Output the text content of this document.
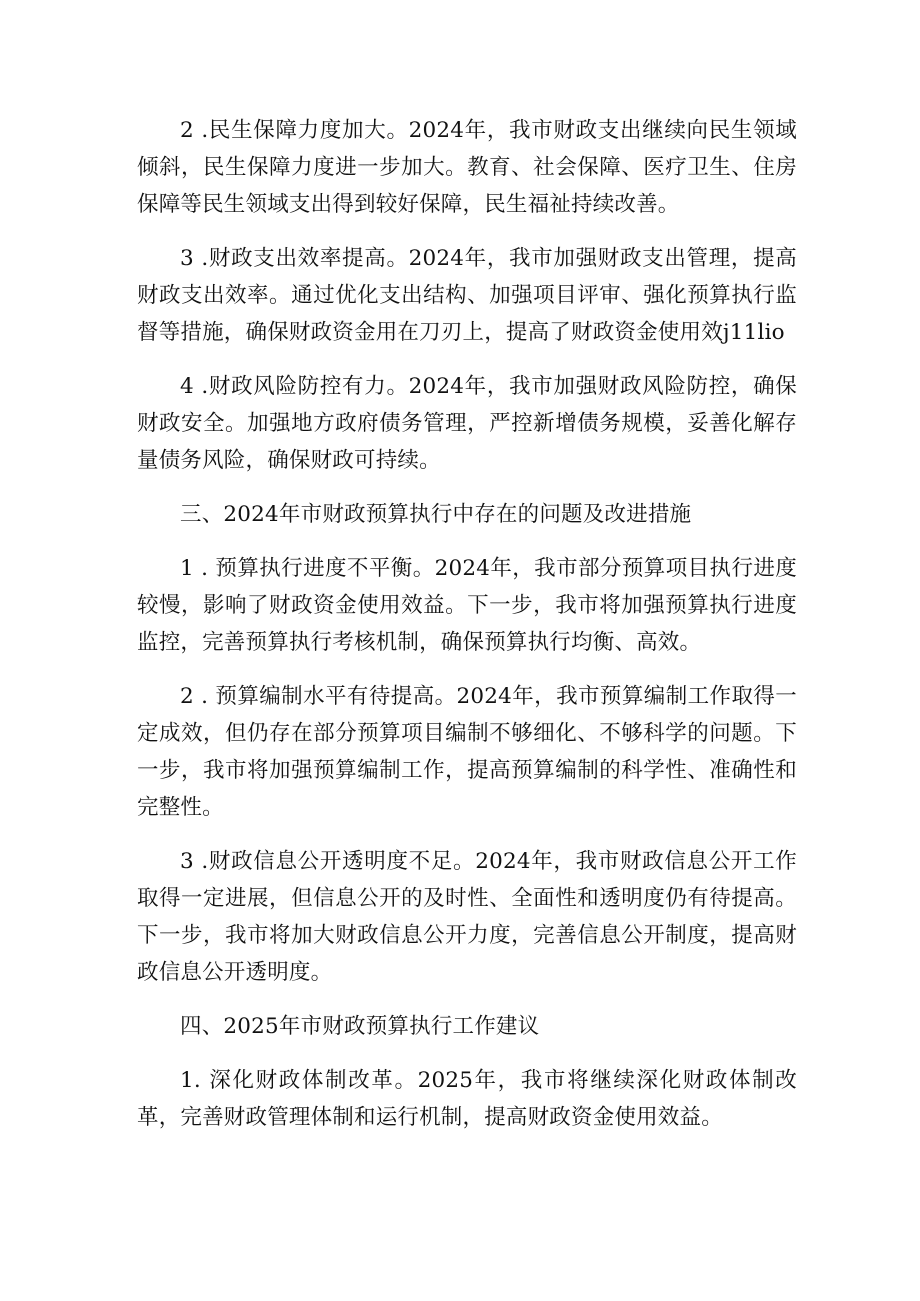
2 .民生保障力度加大。2024年，我市财政支出继续向民生领域倾斜，民生保障力度进一步加大。教育、社会保障、医疗卫生、住房保障等民生领域支出得到较好保障，民生福祉持续改善。

3 .财政支出效率提高。2024年，我市加强财政支出管理，提高财政支出效率。通过优化支出结构、加强项目评审、强化预算执行监督等措施，确保财政资金用在刀刃上，提高了财政资金使用效j11lio

4 .财政风险防控有力。2024年，我市加强财政风险防控，确保财政安全。加强地方政府债务管理，严控新增债务规模，妥善化解存量债务风险，确保财政可持续。

三、2024年市财政预算执行中存在的问题及改进措施

1 . 预算执行进度不平衡。2024年，我市部分预算项目执行进度较慢，影响了财政资金使用效益。下一步，我市将加强预算执行进度监控，完善预算执行考核机制，确保预算执行均衡、高效。

2 . 预算编制水平有待提高。2024年，我市预算编制工作取得一定成效，但仍存在部分预算项目编制不够细化、不够科学的问题。下一步，我市将加强预算编制工作，提高预算编制的科学性、准确性和完整性。

3 .财政信息公开透明度不足。2024年，我市财政信息公开工作取得一定进展，但信息公开的及时性、全面性和透明度仍有待提高。下一步，我市将加大财政信息公开力度，完善信息公开制度，提高财政信息公开透明度。

四、2025年市财政预算执行工作建议

1. 深化财政体制改革。2025年，我市将继续深化财政体制改革，完善财政管理体制和运行机制，提高财政资金使用效益。
